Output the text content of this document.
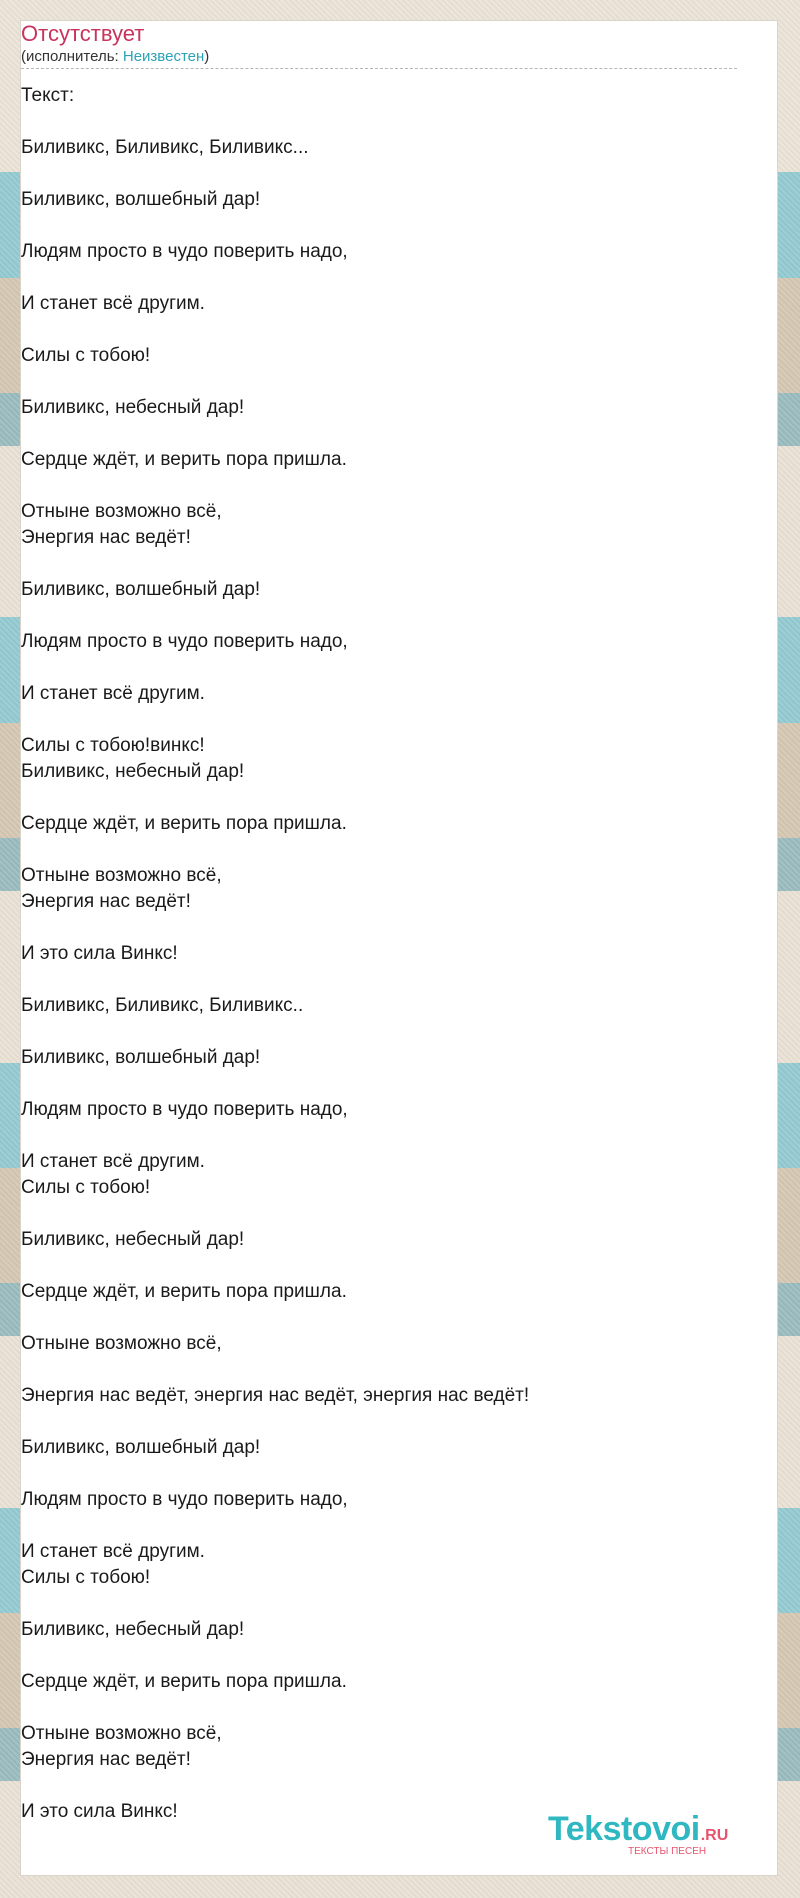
Отсутствует
(исполнитель: Неизвестен)
Текст:
Биливикс, Биливикс, Биливикс...
Биливикс, волшебный дар!
Людям просто в чудо поверить надо,
И станет всё другим.
Силы с тобою!
Биливикс, небесный дар!
Сердце ждёт, и верить пора пришла.
Отныне возможно всё,
Энергия нас ведёт!
Биливикс, волшебный дар!
Людям просто в чудо поверить надо,
И станет всё другим.
Силы с тобою!винкс!
Биливикс, небесный дар!
Сердце ждёт, и верить пора пришла.
Отныне возможно всё,
Энергия нас ведёт!
И это сила Винкс!
Биливикс, Биливикс, Биливикс..
Биливикс, волшебный дар!
Людям просто в чудо поверить надо,
И станет всё другим.
Силы с тобою!
Биливикс, небесный дар!
Сердце ждёт, и верить пора пришла.
Отныне возможно всё,
Энергия нас ведёт, энергия нас ведёт, энергия нас ведёт!
Биливикс, волшебный дар!
Людям просто в чудо поверить надо,
И станет всё другим.
Силы с тобою!
Биливикс, небесный дар!
Сердце ждёт, и верить пора пришла.
Отныне возможно всё,
Энергия нас ведёт!
И это сила Винкс!	Tekstovoi.RU
ТЕКСТЫ ПЕСЕН
